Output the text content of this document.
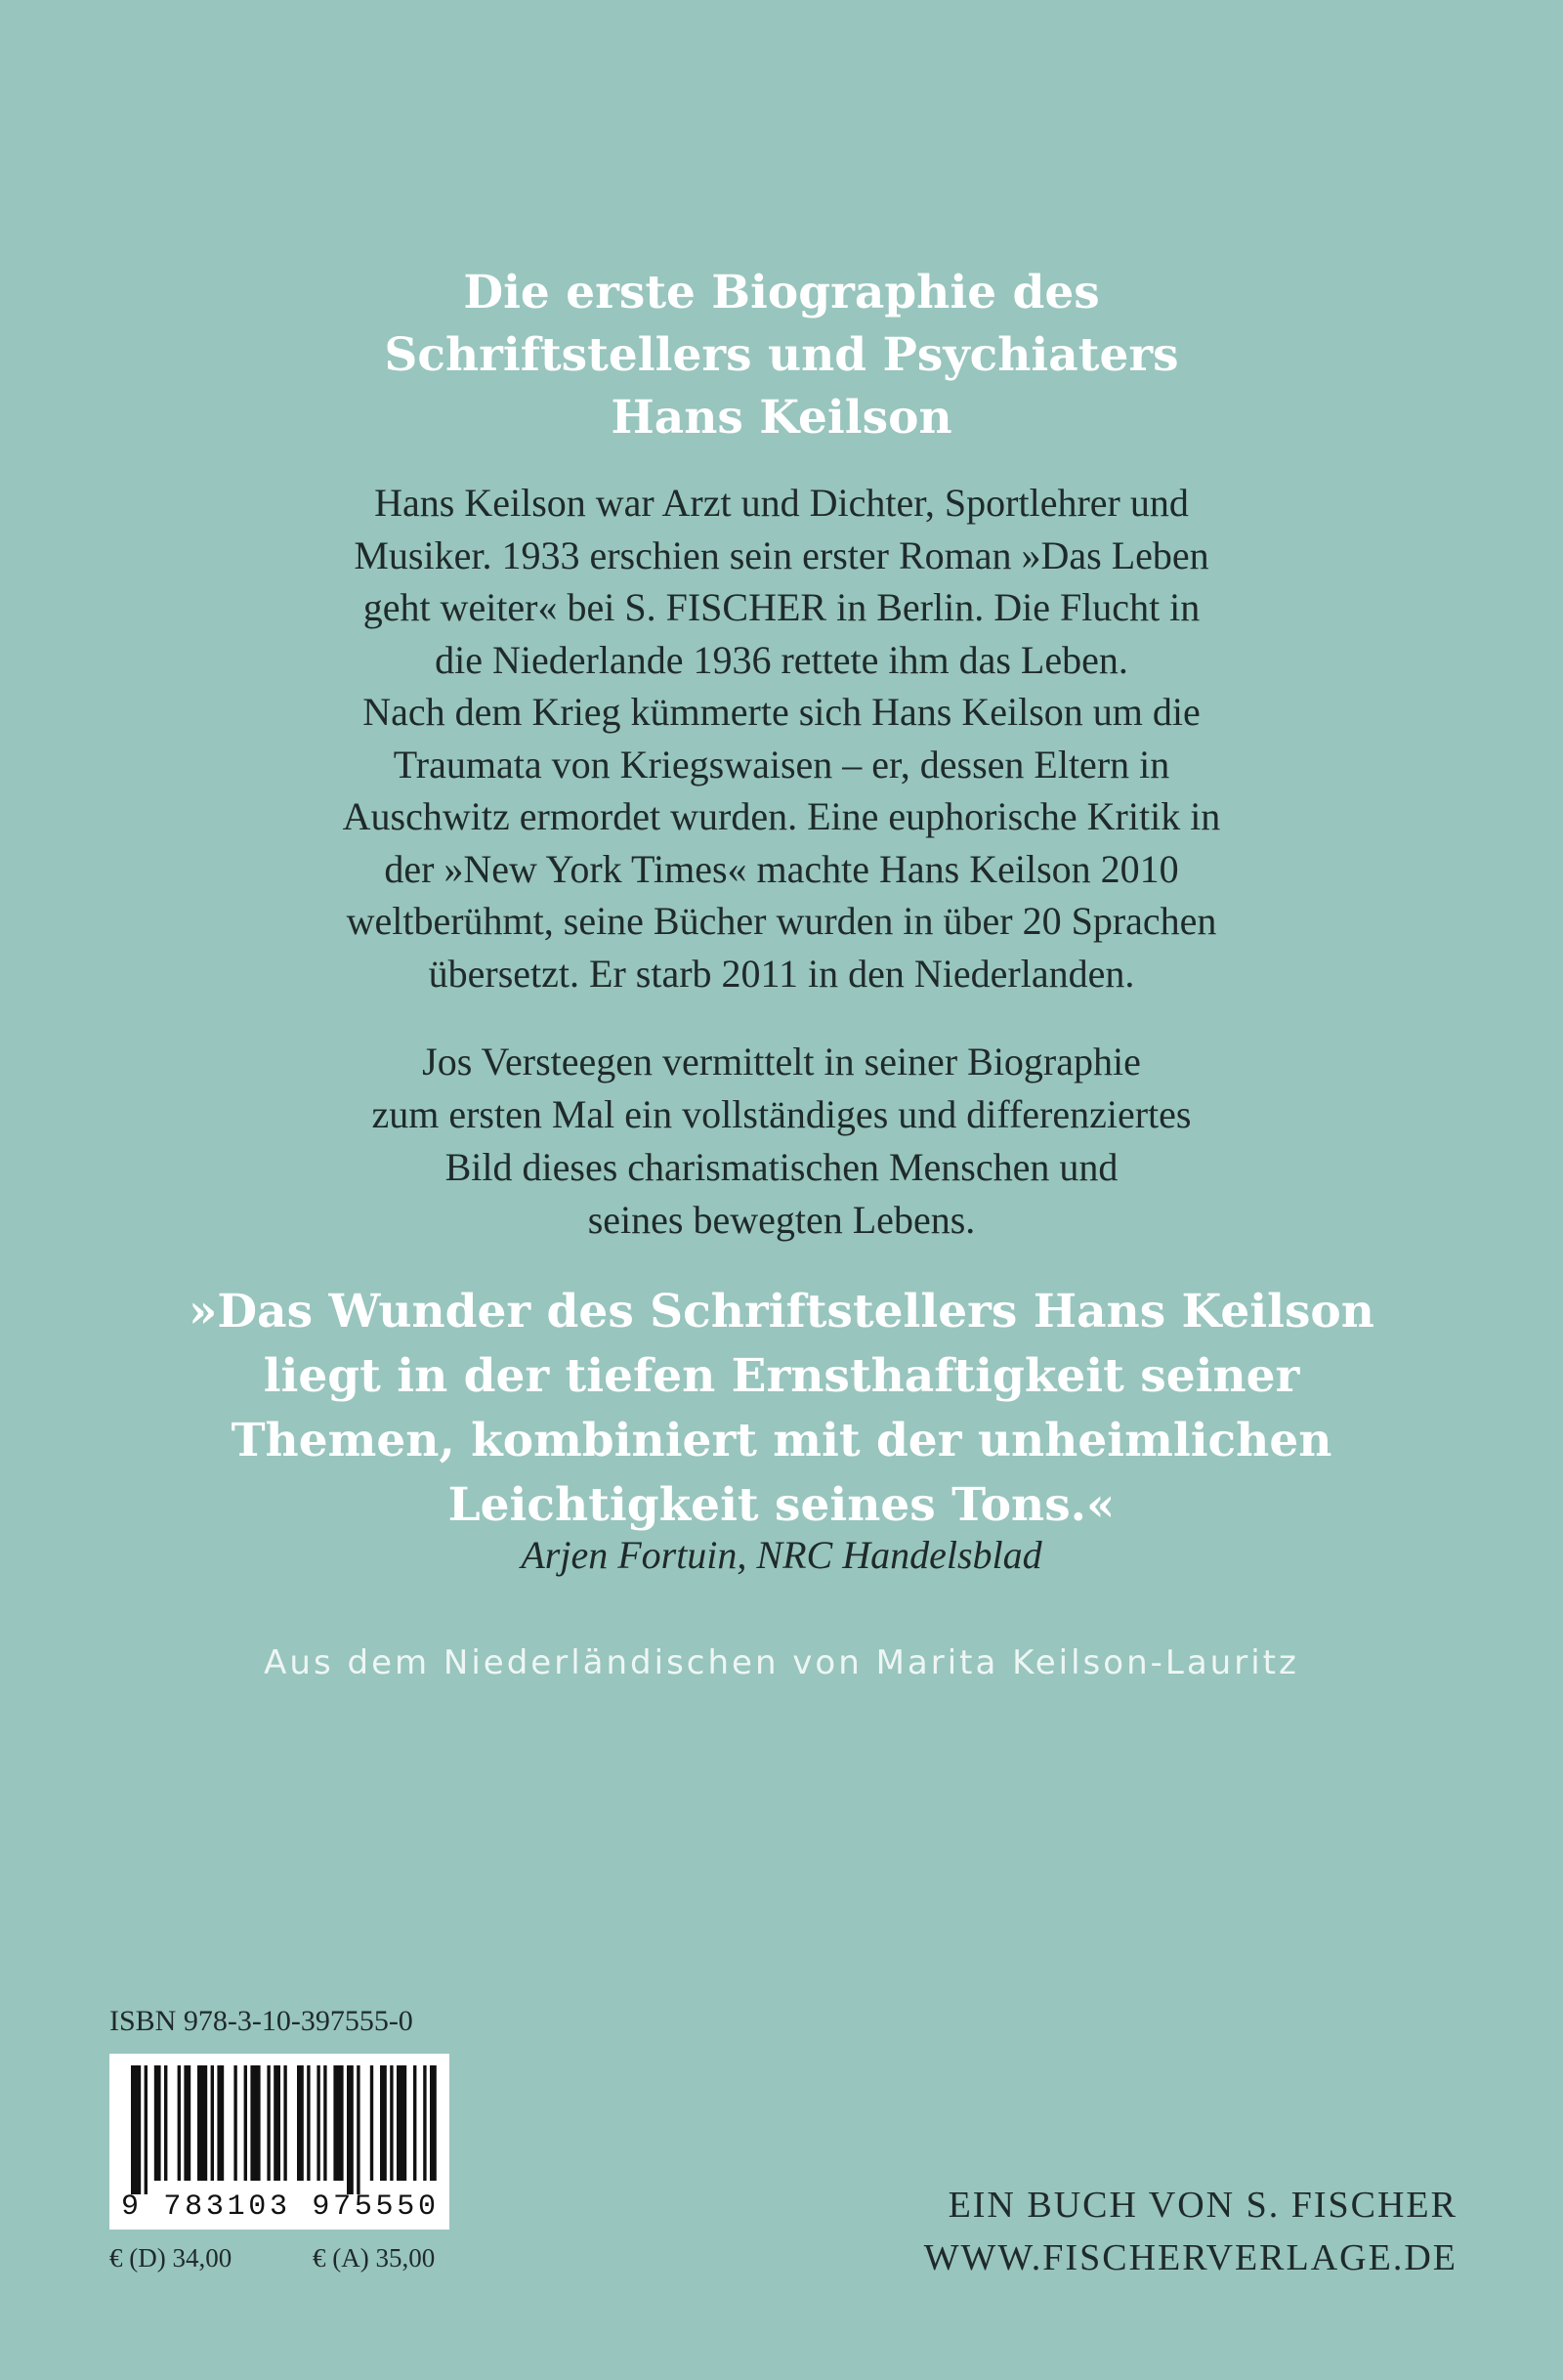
Die erste Biographie des
Schriftstellers und Psychiaters
Hans Keilson
Hans Keilson war Arzt und Dichter, Sportlehrer und
Musiker. 1933 erschien sein erster Roman »Das Leben
geht weiter« bei S. FISCHER in Berlin. Die Flucht in
die Niederlande 1936 rettete ihm das Leben.
Nach dem Krieg kümmerte sich Hans Keilson um die
Traumata von Kriegswaisen – er, dessen Eltern in
Auschwitz ermordet wurden. Eine euphorische Kritik in
der »New York Times« machte Hans Keilson 2010
weltberühmt, seine Bücher wurden in über 20 Sprachen
übersetzt. Er starb 2011 in den Niederlanden.
Jos Versteegen vermittelt in seiner Biographie
zum ersten Mal ein vollständiges und differenziertes
Bild dieses charismatischen Menschen und
seines bewegten Lebens.
»Das Wunder des Schriftstellers Hans Keilson
liegt in der tiefen Ernsthaftigkeit seiner
Themen, kombiniert mit der unheimlichen
Leichtigkeit seines Tons.«
Arjen Fortuin, NRC Handelsblad
Aus dem Niederländischen von Marita Keilson-Lauritz
ISBN 978-3-10-397555-0
9 783103 975550
€ (D) 34,00	€ (A) 35,00
EIN BUCH VON S. FISCHER
WWW.FISCHERVERLAGE.DE
